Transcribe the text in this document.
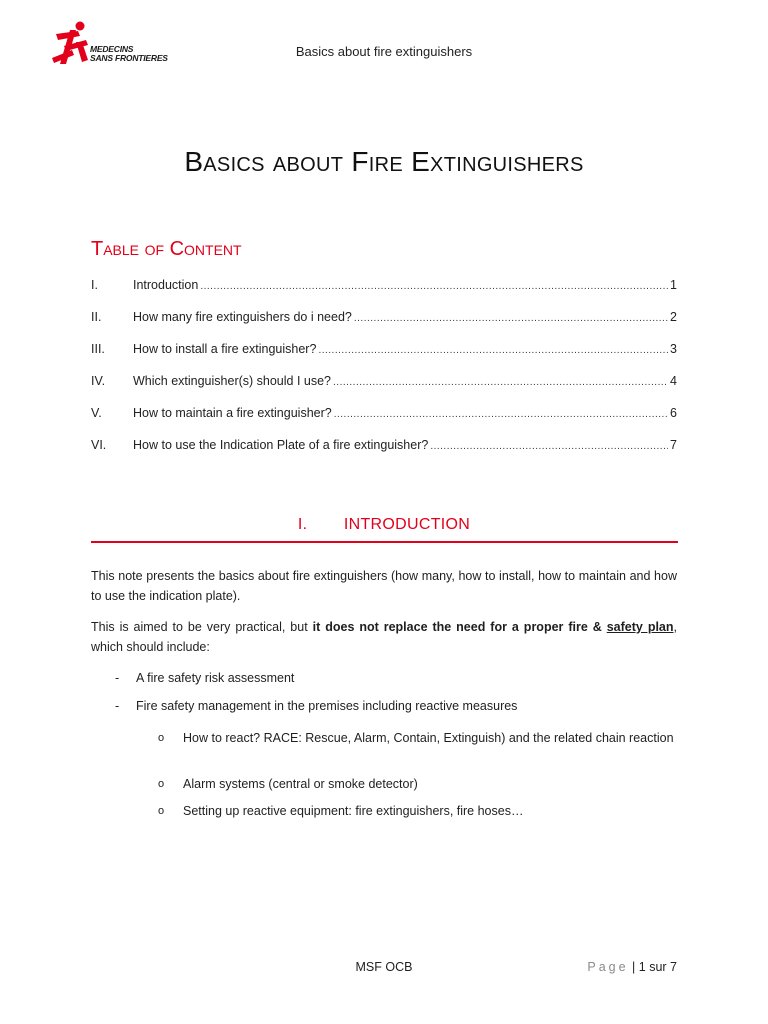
MEDECINS
SANS FRONTIERES	Basics about fire extinguishers
Basics about Fire Extinguishers
Table of Content
I.	Introduction .....	1
II.	How many fire extinguishers do i need? .....	2
III.	How to install a fire extinguisher? .....	3
IV.	Which extinguisher(s) should I use? .....	4
V.	How to maintain a fire extinguisher? .....	6
VI.	How to use the Indication Plate of a fire extinguisher? .....	7
I. INTRODUCTION

This note presents the basics about fire extinguishers (how many, how to install, how to maintain and how to use the indication plate).

This is aimed to be very practical, but it does not replace the need for a proper fire & safety plan, which should include:

- A fire safety risk assessment
- Fire safety management in the premises including reactive measures
o How to react? RACE: Rescue, Alarm, Contain, Extinguish) and the related chain reaction
o Alarm systems (central or smoke detector)
o Setting up reactive equipment: fire extinguishers, fire hoses…
MSF OCB	Page | 1 sur 7
